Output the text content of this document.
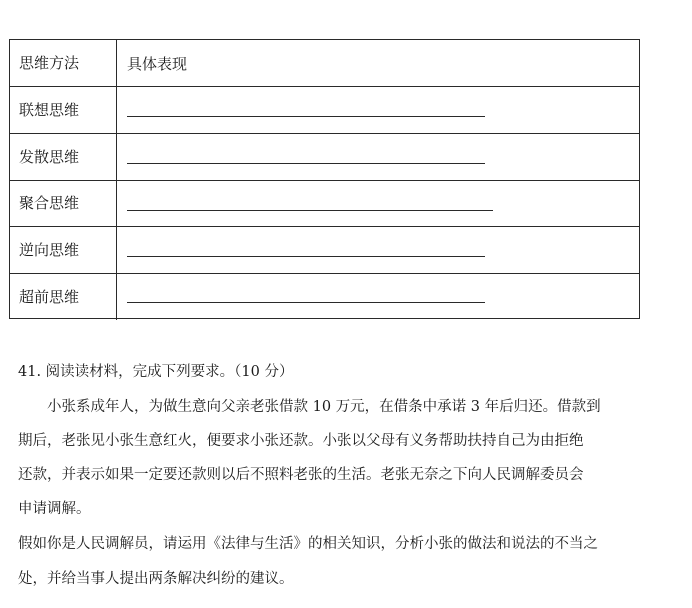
思维方法	具体表现
联想思维
发散思维
聚合思维
逆向思维
超前思维
41. 阅读读材料，完成下列要求。（10 分）
小张系成年人，为做生意向父亲老张借款 10 万元，在借条中承诺 3 年后归还。借款到
期后，老张见小张生意红火，便要求小张还款。小张以父母有义务帮助扶持自己为由拒绝
还款，并表示如果一定要还款则以后不照料老张的生活。老张无奈之下向人民调解委员会
申请调解。
假如你是人民调解员，请运用《法律与生活》的相关知识，分析小张的做法和说法的不当之
处，并给当事人提出两条解决纠纷的建议。
